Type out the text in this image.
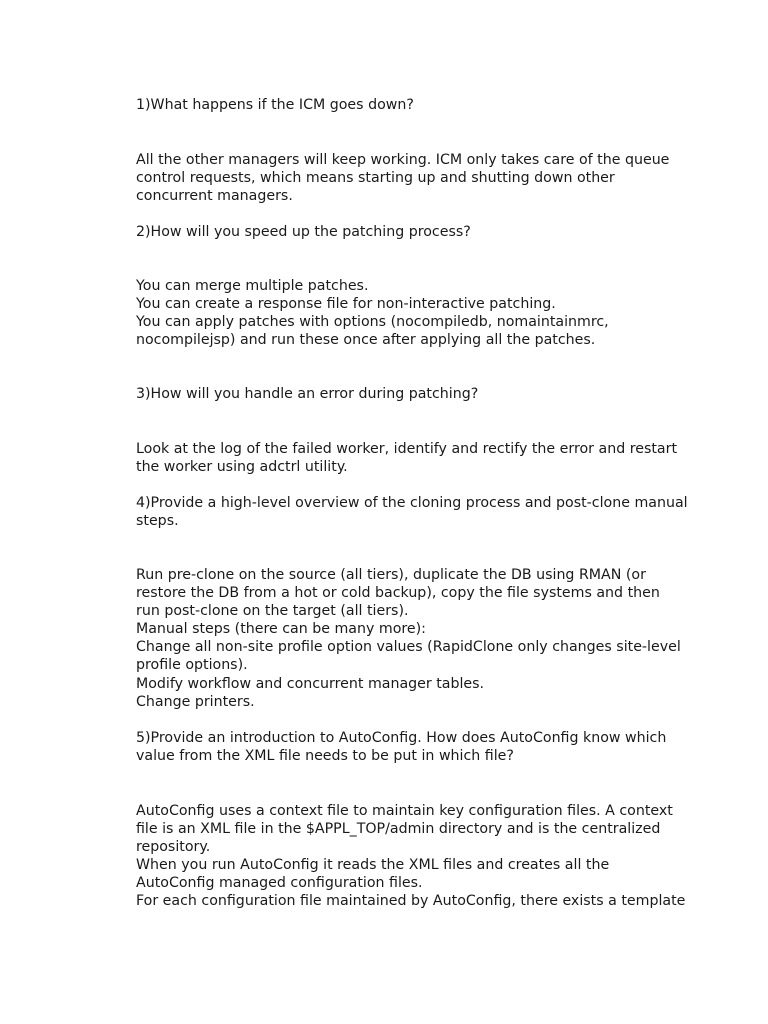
1)What happens if the ICM goes down?
All the other managers will keep working. ICM only takes care of the queue
control requests, which means starting up and shutting down other
concurrent managers.
2)How will you speed up the patching process?
You can merge multiple patches.
You can create a response file for non-interactive patching.
You can apply patches with options (nocompiledb, nomaintainmrc,
nocompilejsp) and run these once after applying all the patches.
3)How will you handle an error during patching?
Look at the log of the failed worker, identify and rectify the error and restart
the worker using adctrl utility.
4)Provide a high-level overview of the cloning process and post-clone manual
steps.
Run pre-clone on the source (all tiers), duplicate the DB using RMAN (or
restore the DB from a hot or cold backup), copy the file systems and then
run post-clone on the target (all tiers).
Manual steps (there can be many more):
Change all non-site profile option values (RapidClone only changes site-level
profile options).
Modify workflow and concurrent manager tables.
Change printers.
5)Provide an introduction to AutoConfig. How does AutoConfig know which
value from the XML file needs to be put in which file?
AutoConfig uses a context file to maintain key configuration files. A context
file is an XML file in the $APPL_TOP/admin directory and is the centralized
repository.
When you run AutoConfig it reads the XML files and creates all the
AutoConfig managed configuration files.
For each configuration file maintained by AutoConfig, there exists a template
